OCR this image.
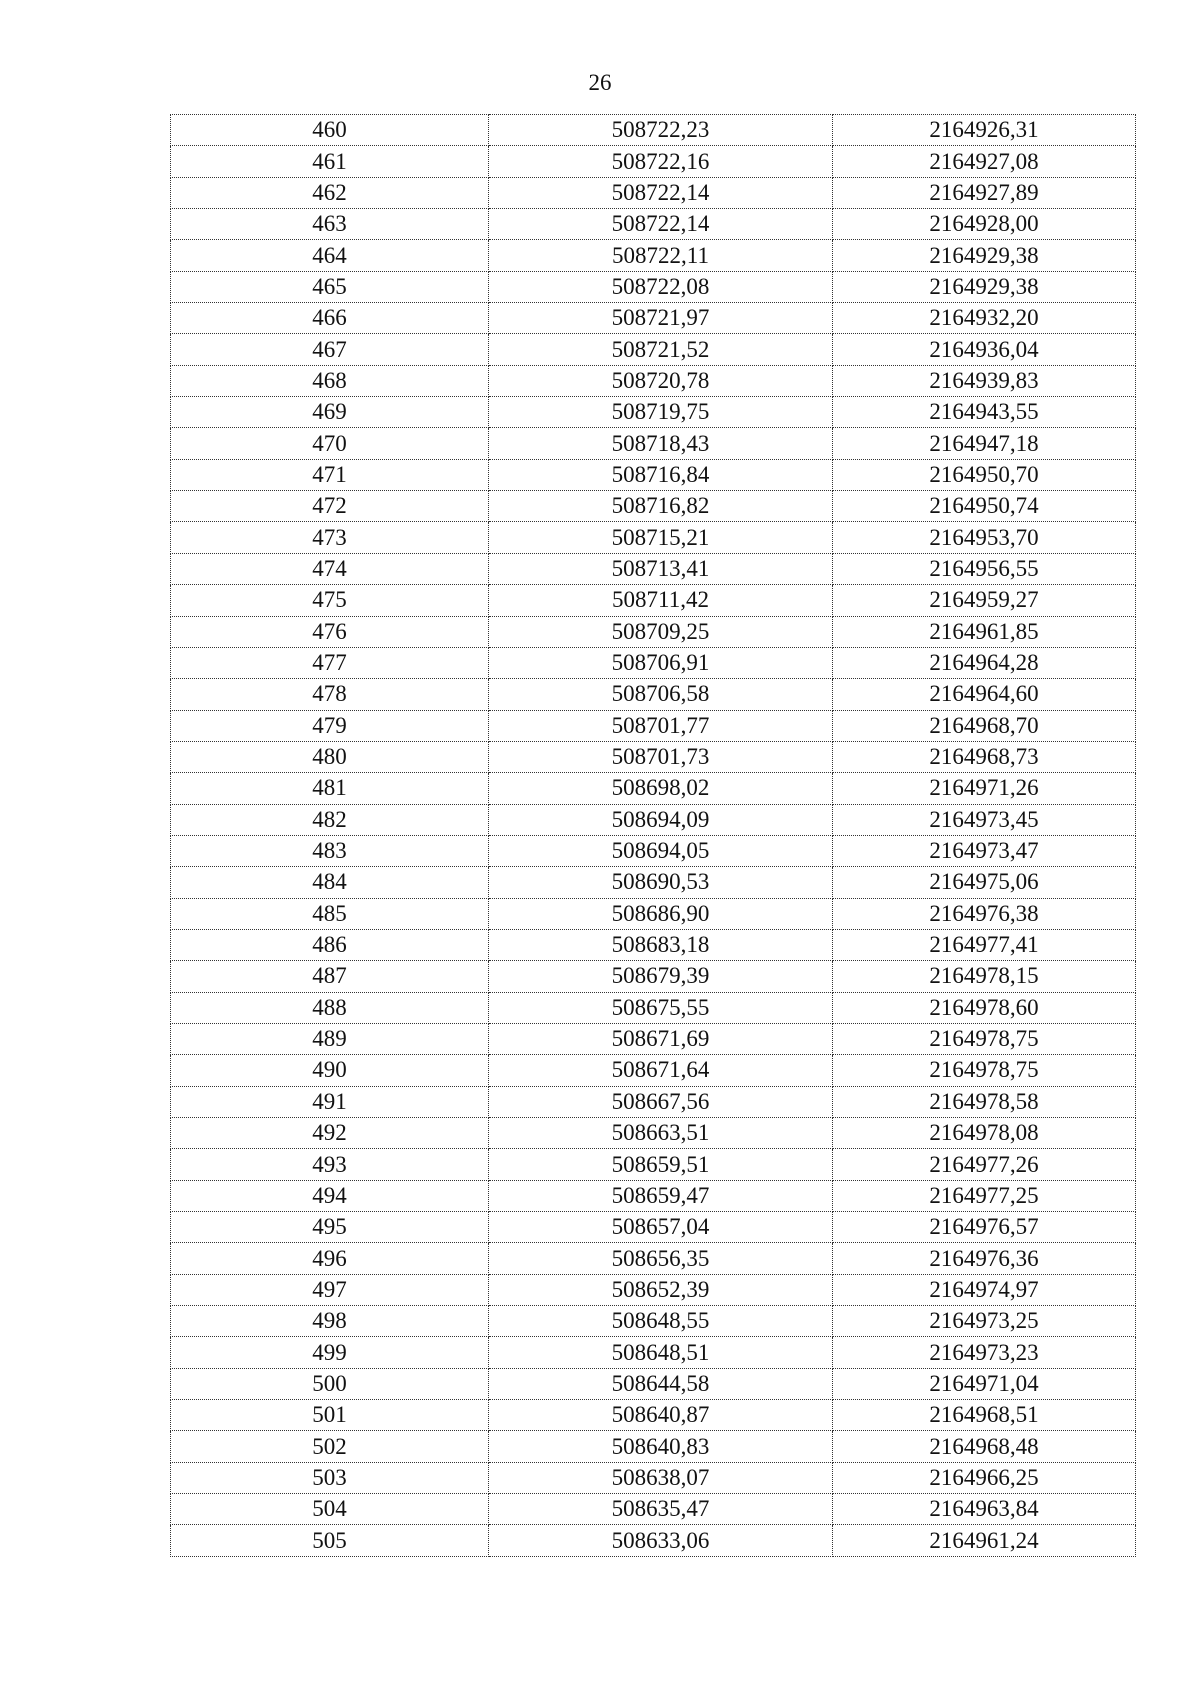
26
460	508722,23	2164926,31
461	508722,16	2164927,08
462	508722,14	2164927,89
463	508722,14	2164928,00
464	508722,11	2164929,38
465	508722,08	2164929,38
466	508721,97	2164932,20
467	508721,52	2164936,04
468	508720,78	2164939,83
469	508719,75	2164943,55
470	508718,43	2164947,18
471	508716,84	2164950,70
472	508716,82	2164950,74
473	508715,21	2164953,70
474	508713,41	2164956,55
475	508711,42	2164959,27
476	508709,25	2164961,85
477	508706,91	2164964,28
478	508706,58	2164964,60
479	508701,77	2164968,70
480	508701,73	2164968,73
481	508698,02	2164971,26
482	508694,09	2164973,45
483	508694,05	2164973,47
484	508690,53	2164975,06
485	508686,90	2164976,38
486	508683,18	2164977,41
487	508679,39	2164978,15
488	508675,55	2164978,60
489	508671,69	2164978,75
490	508671,64	2164978,75
491	508667,56	2164978,58
492	508663,51	2164978,08
493	508659,51	2164977,26
494	508659,47	2164977,25
495	508657,04	2164976,57
496	508656,35	2164976,36
497	508652,39	2164974,97
498	508648,55	2164973,25
499	508648,51	2164973,23
500	508644,58	2164971,04
501	508640,87	2164968,51
502	508640,83	2164968,48
503	508638,07	2164966,25
504	508635,47	2164963,84
505	508633,06	2164961,24
